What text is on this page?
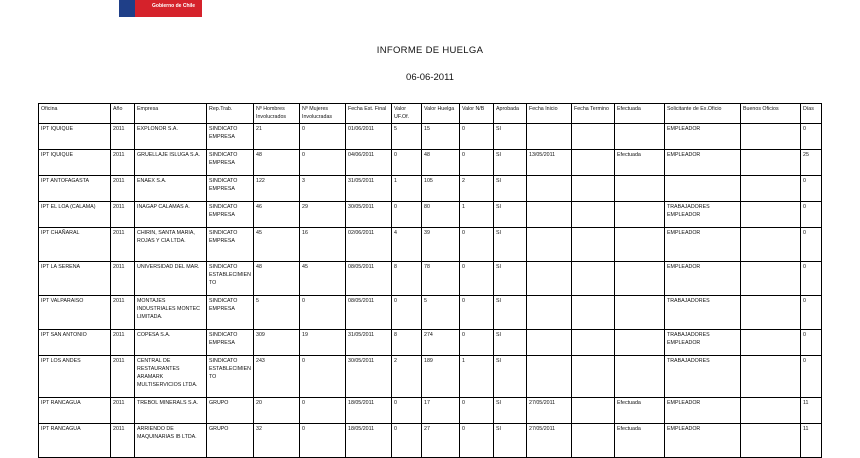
Gobierno de Chile
INFORME DE HUELGA
06-06-2011
Oficina	Año	Empresa	Rep.Trab.	Nº Hombres Involucrados	Nº Mujeres Involucradas	Fecha Est. Final	Valor UF.Of.	Valor Huelga	Valor N/B	Aprobada	Fecha Inicio	Fecha Termino	Efectuada	Solicitante de Ex.Oficio	Buenos Oficios	Días
IPT IQUIQUE	2011	EXPLONOR S.A.	SINDICATO EMPRESA	21	0	01/06/2011	5	15	0	SI				EMPLEADOR		0
IPT IQUIQUE	2011	GRUELLAJE ISLUGA S.A.	SINDICATO EMPRESA	48	0	04/06/2011	0	48	0	SI	13/05/2011		Efectuada	EMPLEADOR		25
IPT ANTOFAGASTA	2011	ENAEX S.A.	SINDICATO EMPRESA	122	3	31/05/2011	1	105	2	SI						0
IPT EL LOA (CALAMA)	2011	INAGAP CALAMAS A.	SINDICATO EMPRESA	46	29	30/05/2011	0	80	1	SI				TRABAJADORES EMPLEADOR		0
IPT CHAÑARAL	2011	CHIRIN, SANTA MARIA, ROJAS Y CIA LTDA.	SINDICATO EMPRESA	45	16	02/06/2011	4	39	0	SI				EMPLEADOR		0
IPT LA SERENA	2011	UNIVERSIDAD DEL MAR.	SINDICATO ESTABLECIMIENTO	48	45	08/05/2011	8	78	0	SI				EMPLEADOR		0
IPT VALPARAISO	2011	MONTAJES INDUSTRIALES MONTEC LIMITADA.	SINDICATO EMPRESA	5	0	08/05/2011	0	5	0	SI				TRABAJADORES		0
IPT SAN ANTONIO	2011	COPESA S.A.	SINDICATO EMPRESA	309	19	31/05/2011	8	274	0	SI				TRABAJADORES EMPLEADOR		0
IPT LOS ANDES	2011	CENTRAL DE RESTAURANTES ARAMARK MULTISERVICIOS LTDA.	SINDICATO ESTABLECIMIENTO	243	0	30/05/2011	2	189	1	SI				TRABAJADORES		0
IPT RANCAGUA	2011	TREBOL MINERALS S.A.	GRUPO	20	0	18/05/2011	0	17	0	SI	27/05/2011		Efectuada	EMPLEADOR		11
IPT RANCAGUA	2011	ARRIENDO DE MAQUINARIAS IB LTDA.	GRUPO	32	0	18/05/2011	0	27	0	SI	27/05/2011		Efectuada	EMPLEADOR		11
